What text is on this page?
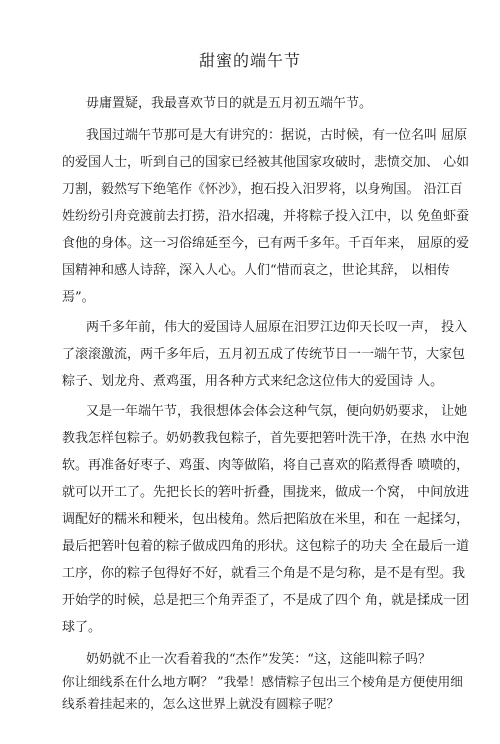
甜蜜的端午节
毋庸置疑，我最喜欢节日的就是五月初五端午节。
我国过端午节那可是大有讲究的：据说，古时候，有一位名叫 屈原
的爱国人士，听到自己的国家已经被其他国家攻破时，悲愤交加、 心如
刀割，毅然写下绝笔作《怀沙》，抱石投入汨罗将，以身殉国。 沿江百
姓纷纷引舟竞渡前去打捞，沿水招魂，并将粽子投入江中，以 免鱼虾蚕
食他的身体。这一习俗绵延至今，已有两千多年。千百年来， 屈原的爱
国精神和感人诗辞，深入人心。人们“惜而哀之，世论其辞， 以相传
焉”。
两千多年前，伟大的爱国诗人屈原在汨罗江边仰天长叹一声， 投入
了滚滚激流，两千多年后，五月初五成了传统节日一一端午节，大家包
粽子、划龙舟、煮鸡蛋，用各种方式来纪念这位伟大的爱国诗 人。
又是一年端午节，我很想体会体会这种气氛，便向奶奶要求， 让她
教我怎样包粽子。奶奶教我包粽子，首先要把箬叶洗干净，在热 水中泡
软。再准备好枣子、鸡蛋、肉等做陷，将自己喜欢的陷煮得香 喷喷的，
就可以开工了。先把长长的箬叶折叠，围拢来，做成一个窝， 中间放进
调配好的糯米和粳米，包出棱角。然后把陷放在米里，和在 一起揉匀，
最后把箬叶包着的粽子做成四角的形状。这包粽子的功夫 全在最后一道
工序，你的粽子包得好不好，就看三个角是不是匀称，是不是有型。我
开始学的时候，总是把三个角弄歪了，不是成了四个 角，就是揉成一团
球了。
奶奶就不止一次看着我的“杰作”发笑：“这，这能叫粽子吗？
你让细线系在什么地方啊？ ”我晕！感情粽子包出三个棱角是方便使用细
线系着挂起来的，怎么这世界上就没有圆粽子呢？
